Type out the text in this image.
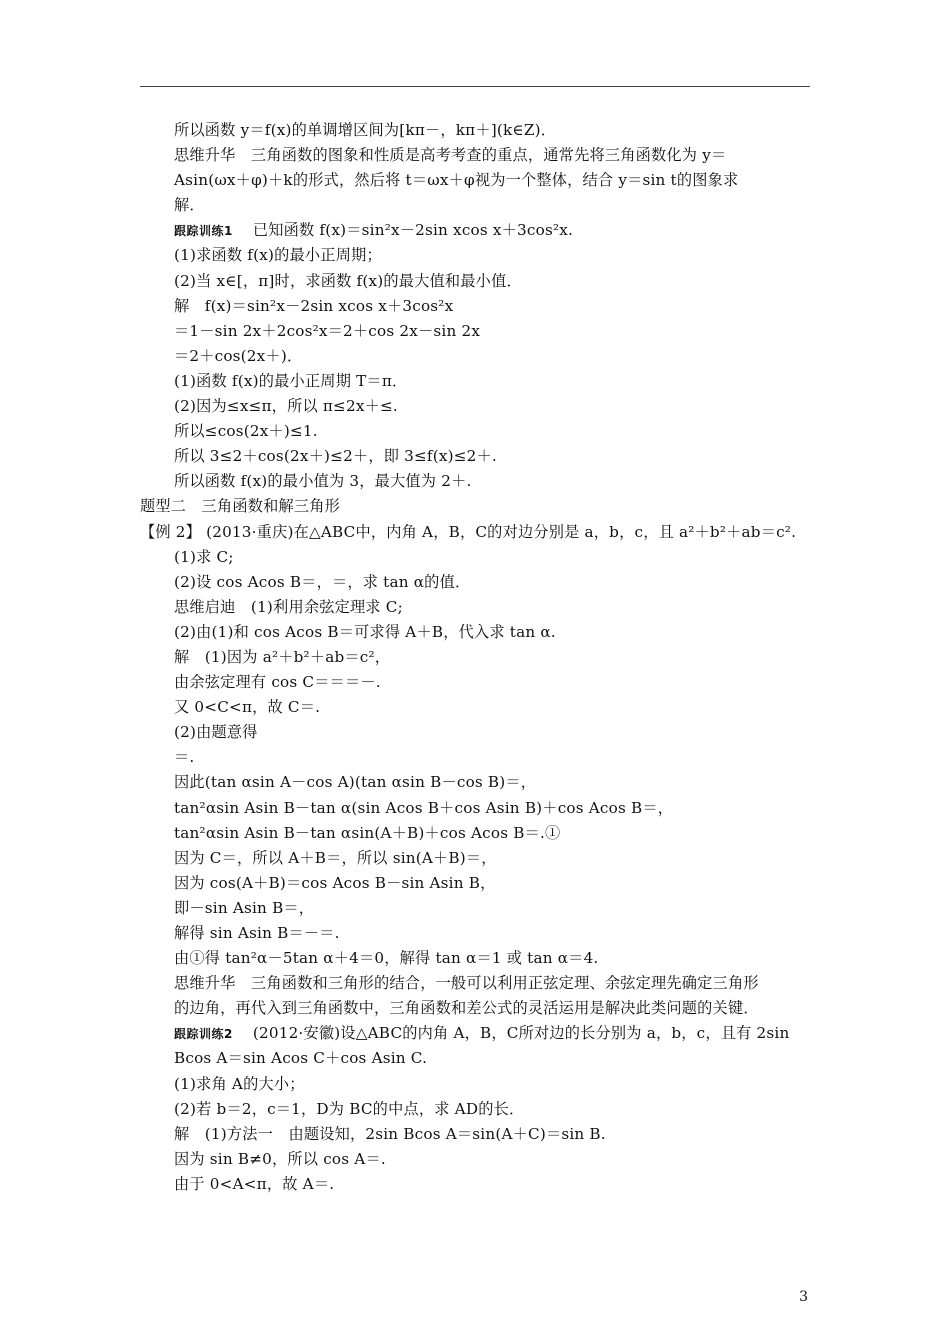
所以函数 y＝f(x)的单调增区间为[kπ－，kπ＋](k∈Z)．
思维升华　三角函数的图象和性质是高考考查的重点，通常先将三角函数化为 y＝
Asin(ωx＋φ)＋k的形式，然后将 t＝ωx＋φ视为一个整体，结合 y＝sin t的图象求
解．
跟踪训练1 已知函数 f(x)＝sin²x－2sin xcos x＋3cos²x.
(1)求函数 f(x)的最小正周期；
(2)当 x∈[，π]时，求函数 f(x)的最大值和最小值．
解　f(x)＝sin²x－2sin xcos x＋3cos²x
＝1－sin 2x＋2cos²x＝2＋cos 2x－sin 2x
＝2＋cos(2x＋)．
(1)函数 f(x)的最小正周期 T＝π．
(2)因为≤x≤π，所以 π≤2x＋≤.
所以≤cos(2x＋)≤1.
所以 3≤2＋cos(2x＋)≤2＋，即 3≤f(x)≤2＋.
所以函数 f(x)的最小值为 3，最大值为 2＋.
题型二　三角函数和解三角形
【例 2】 (2013·重庆)在△ABC中，内角 A，B，C的对边分别是 a，b，c，且 a²＋b²＋ab＝c².
(1)求 C;
(2)设 cos Acos B＝，＝，求 tan α的值．
思维启迪　(1)利用余弦定理求 C;
(2)由(1)和 cos Acos B＝可求得 A＋B，代入求 tan α.
解　(1)因为 a²＋b²＋ab＝c²，
由余弦定理有 cos C＝＝＝－.
又 0<C<π，故 C＝.
(2)由题意得
＝.
因此(tan αsin A－cos A)(tan αsin B－cos B)＝，
tan²αsin Asin B－tan α(sin Acos B＋cos Asin B)＋cos Acos B＝，
tan²αsin Asin B－tan αsin(A＋B)＋cos Acos B＝.①
因为 C＝，所以 A＋B＝，所以 sin(A＋B)＝，
因为 cos(A＋B)＝cos Acos B－sin Asin B，
即－sin Asin B＝，
解得 sin Asin B＝－＝.
由①得 tan²α－5tan α＋4＝0，解得 tan α＝1 或 tan α＝4.
思维升华　三角函数和三角形的结合，一般可以利用正弦定理、余弦定理先确定三角形
的边角，再代入到三角函数中，三角函数和差公式的灵活运用是解决此类问题的关键．
跟踪训练2 (2012·安徽)设△ABC的内角 A，B，C所对边的长分别为 a，b，c，且有 2sin
Bcos A＝sin Acos C＋cos Asin C.
(1)求角 A的大小；
(2)若 b＝2，c＝1，D为 BC的中点，求 AD的长．
解　(1)方法一　由题设知，2sin Bcos A＝sin(A＋C)＝sin B.
因为 sin B≠0，所以 cos A＝.
由于 0<A<π，故 A＝.
3
